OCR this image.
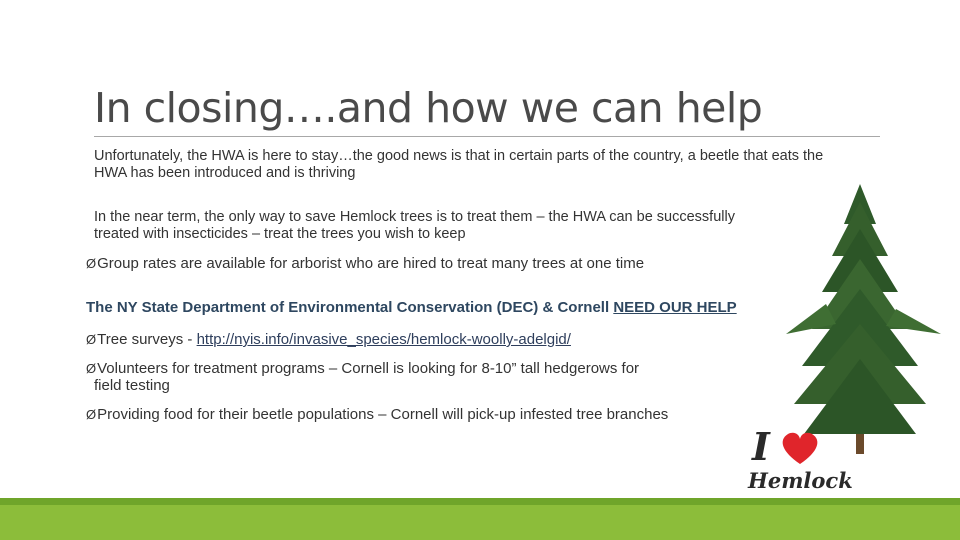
In closing….and how we can help
Unfortunately, the HWA is here to stay…the good news is that in certain parts of the country, a beetle that eats the HWA has been introduced and is thriving
In the near term, the only way to save Hemlock trees is to treat them – the HWA can be successfully treated with insecticides – treat the trees you wish to keep
ØGroup rates are available for arborist who are hired to treat many trees at one time
The NY State Department of Environmental Conservation (DEC) & Cornell NEED OUR HELP
ØTree surveys - http://nyis.info/invasive_species/hemlock-woolly-adelgid/
ØVolunteers for treatment programs – Cornell is looking for 8-10” tall hedgerows for
field testing
ØProviding food for their beetle populations – Cornell will pick-up infested tree branches
I
Hemlock
